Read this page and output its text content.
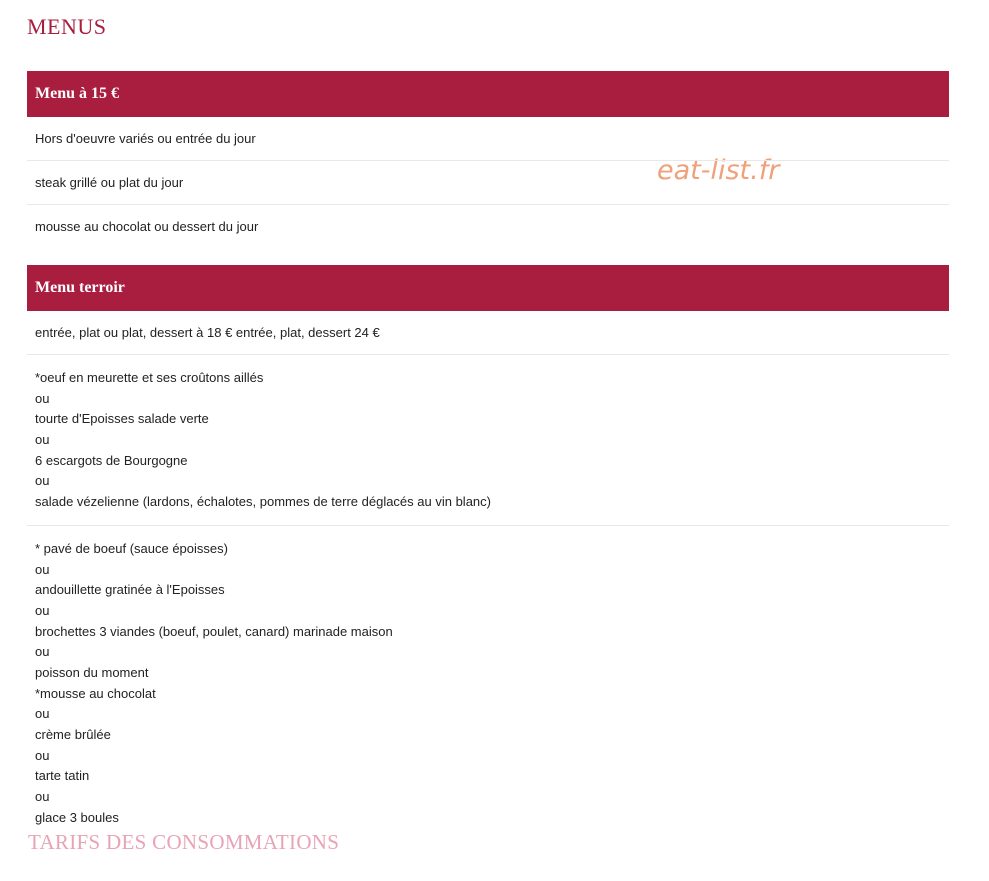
MENUS
eat-list.fr
Menu à 15 €
Hors d'oeuvre variés ou entrée du jour
steak grillé ou plat du jour
mousse au chocolat ou dessert du jour
Menu terroir
entrée, plat ou plat, dessert à 18 € entrée, plat, dessert 24 €
*oeuf en meurette et ses croûtons aillés
ou
tourte d'Epoisses salade verte
ou
6 escargots de Bourgogne
ou
salade vézelienne (lardons, échalotes, pommes de terre déglacés au vin blanc)
* pavé de boeuf (sauce époisses)
ou
andouillette gratinée à l'Epoisses
ou
brochettes 3 viandes (boeuf, poulet, canard) marinade maison
ou
poisson du moment
*mousse au chocolat
ou
crème brûlée
ou
tarte tatin
ou
glace 3 boules
TARIFS DES CONSOMMATIONS
